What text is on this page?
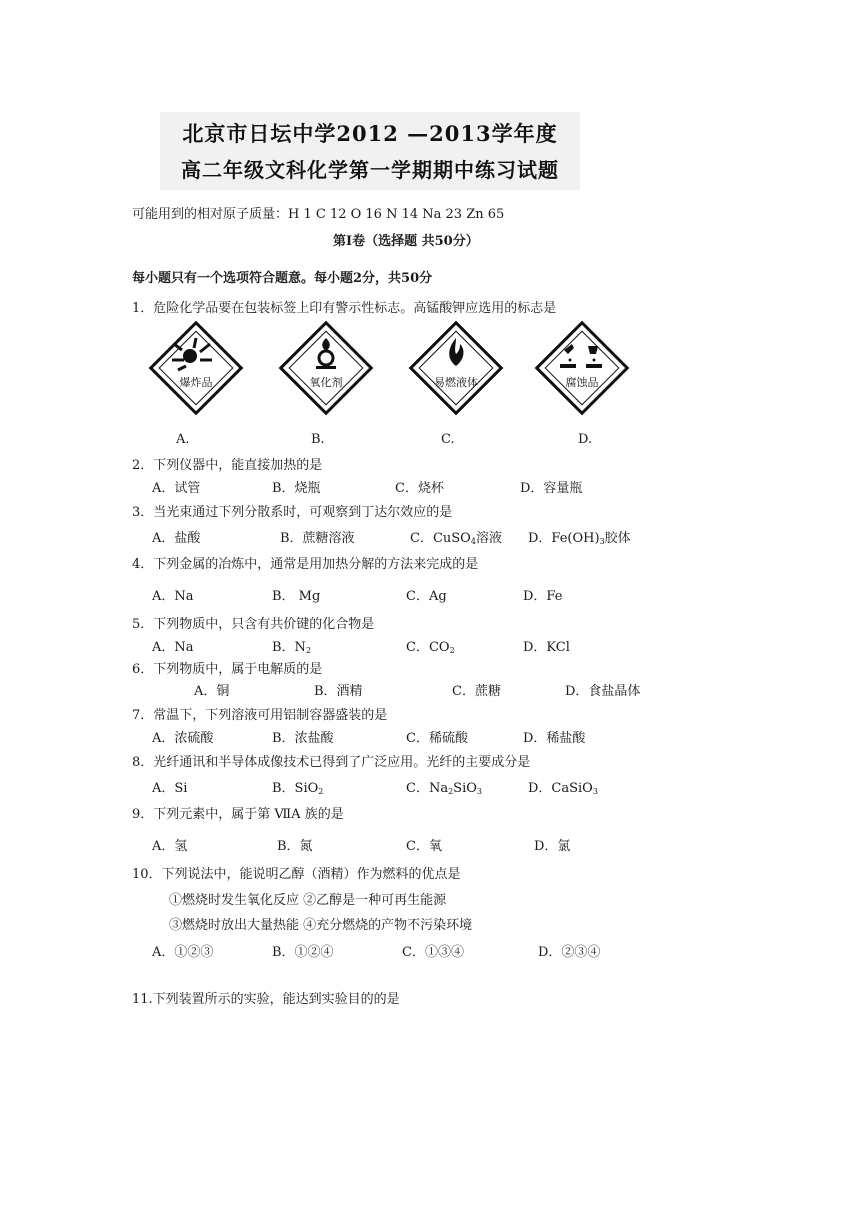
北京市日坛中学2012 —2013学年度
高二年级文科化学第一学期期中练习试题
可能用到的相对原子质量：H 1 C 12 O 16 N 14 Na 23 Zn 65
第Ⅰ卷（选择题 共50分）
每小题只有一个选项符合题意。每小题2分，共50分
1．危险化学品要在包装标签上印有警示性标志。高锰酸钾应选用的标志是
爆炸品	氧化剂	易燃液体	腐蚀品
A.	B.	C.	D.
2．下列仪器中，能直接加热的是
A．试管	B．烧瓶	C．烧杯	D．容量瓶
3．当光束通过下列分散系时，可观察到丁达尔效应的是
A．盐酸	B．蔗糖溶液	C．CuSO$_4$溶液 D．$Fe(OH)_3$胶体
4．下列金属的冶炼中，通常是用加热分解的方法来完成的是
A．Na	B． Mg	C．Ag	D．Fe
5．下列物质中，只含有共价键的化合物是
A．Na	B．$N_2$	C．$CO_2$	D．KCl
6．下列物质中，属于电解质的是
A．铜	B．酒精	C．蔗糖	D．食盐晶体
7．常温下，下列溶液可用铝制容器盛装的是
A．浓硫酸	B．浓盐酸	C．稀硫酸	D．稀盐酸
8．光纤通讯和半导体成像技术已得到了广泛应用。光纤的主要成分是
A．Si	B．SiO$_2$	C．$Na_2SiO_3$	D．CaSiO$_3$
9．下列元素中，属于第 ⅦA 族的是
A．氢	B．氮	C．氧	D．氯
10．下列说法中，能说明乙醇（酒精）作为燃料的优点是
①燃烧时发生氧化反应 ②乙醇是一种可再生能源
③燃烧时放出大量热能 ④充分燃烧的产物不污染环境
A．①②③	B．①②④	C．①③④	D．②③④
11.下列装置所示的实验，能达到实验目的的是
